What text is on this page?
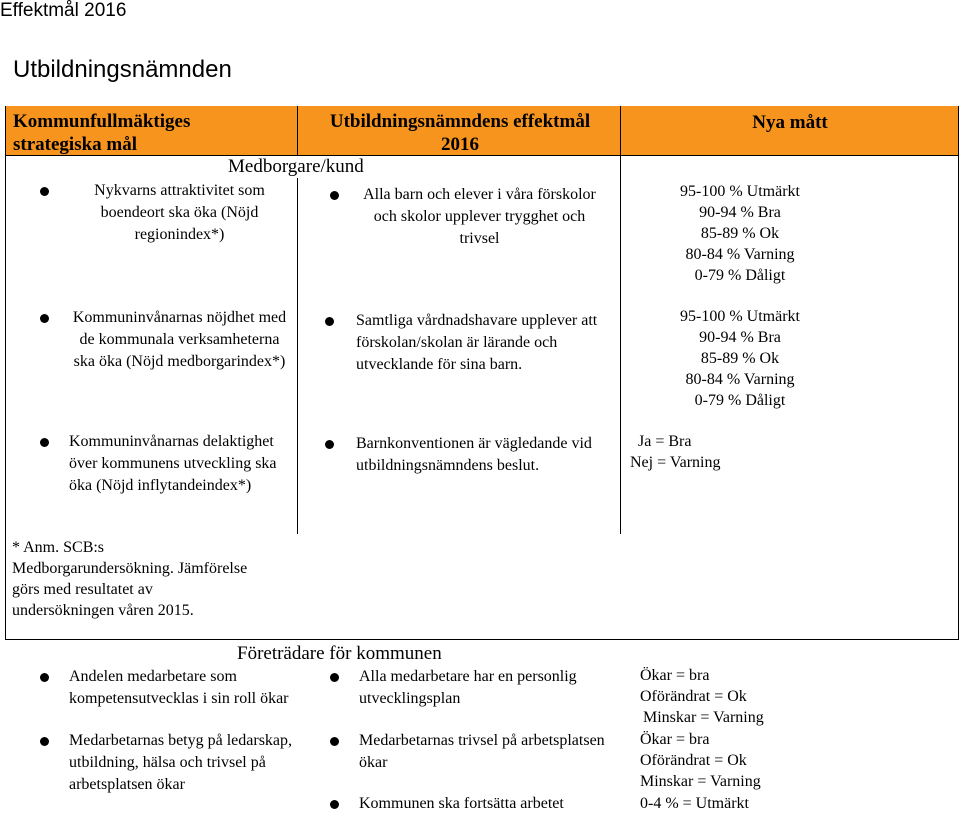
Effektmål 2016
Utbildningsnämnden
Kommunfullmäktiges
strategiska mål
Utbildningsnämndens effektmål
2016
Nya mått
Medborgare/kund
Nykvarns attraktivitet som boendeort ska öka (Nöjd regionindex*)
Alla barn och elever i våra förskolor och skolor upplever trygghet och trivsel
95-100 % Utmärkt
90-94 % Bra
85-89 % Ok
80-84 % Varning
0-79 % Dåligt
Kommuninvånarnas nöjdhet med de kommunala verksamheterna ska öka (Nöjd medborgarindex*)
Samtliga vårdnadshavare upplever att förskolan/skolan är lärande och utvecklande för sina barn.
95-100 % Utmärkt
90-94 % Bra
85-89 % Ok
80-84 % Varning
0-79 % Dåligt
Kommuninvånarnas delaktighet över kommunens utveckling ska öka (Nöjd inflytandeindex*)
Barnkonventionen är vägledande vid utbildningsnämndens beslut.
Ja = Bra
Nej = Varning
* Anm. SCB:s
Medborgarundersökning. Jämförelse
görs med resultatet av
undersökningen våren 2015.
Företrädare för kommunen
Andelen medarbetare som kompetensutvecklas i sin roll ökar
Alla medarbetare har en personlig utvecklingsplan
Ökar = bra
Oförändrat = Ok
Minskar = Varning
Medarbetarnas betyg på ledarskap, utbildning, hälsa och trivsel på arbetsplatsen ökar
Medarbetarnas trivsel på arbetsplatsen ökar
Ökar = bra
Oförändrat = Ok
Minskar = Varning
Kommunen ska fortsätta arbetet	0-4 % = Utmärkt
